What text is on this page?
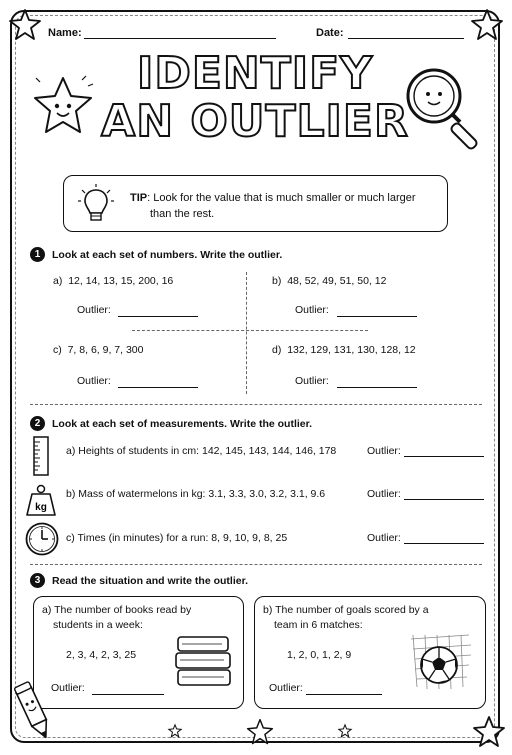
Name:	Date:
IDENTIFY
AN OUTLIER
TIP: Look for the value that is much smaller or much larger
than the rest.
1	Look at each set of numbers. Write the outlier.
a) 12, 14, 13, 15, 200, 16
Outlier:
b) 48, 52, 49, 51, 50, 12
Outlier:
c) 7, 8, 6, 9, 7, 300
Outlier:
d) 132, 129, 131, 130, 128, 12
Outlier:
2	Look at each set of measurements. Write the outlier.
a) Heights of students in cm: 142, 145, 143, 144, 146, 178	Outlier:
kg
b) Mass of watermelons in kg: 3.1, 3.3, 3.0, 3.2, 3.1, 9.6	Outlier:
c) Times (in minutes) for a run: 8, 9, 10, 9, 8, 25	Outlier:
3	Read the situation and write the outlier.
a) The number of books read by
students in a week:
2, 3, 4, 2, 3, 25
Outlier:
b) The number of goals scored by a
team in 6 matches:
1, 2, 0, 1, 2, 9
Outlier:
